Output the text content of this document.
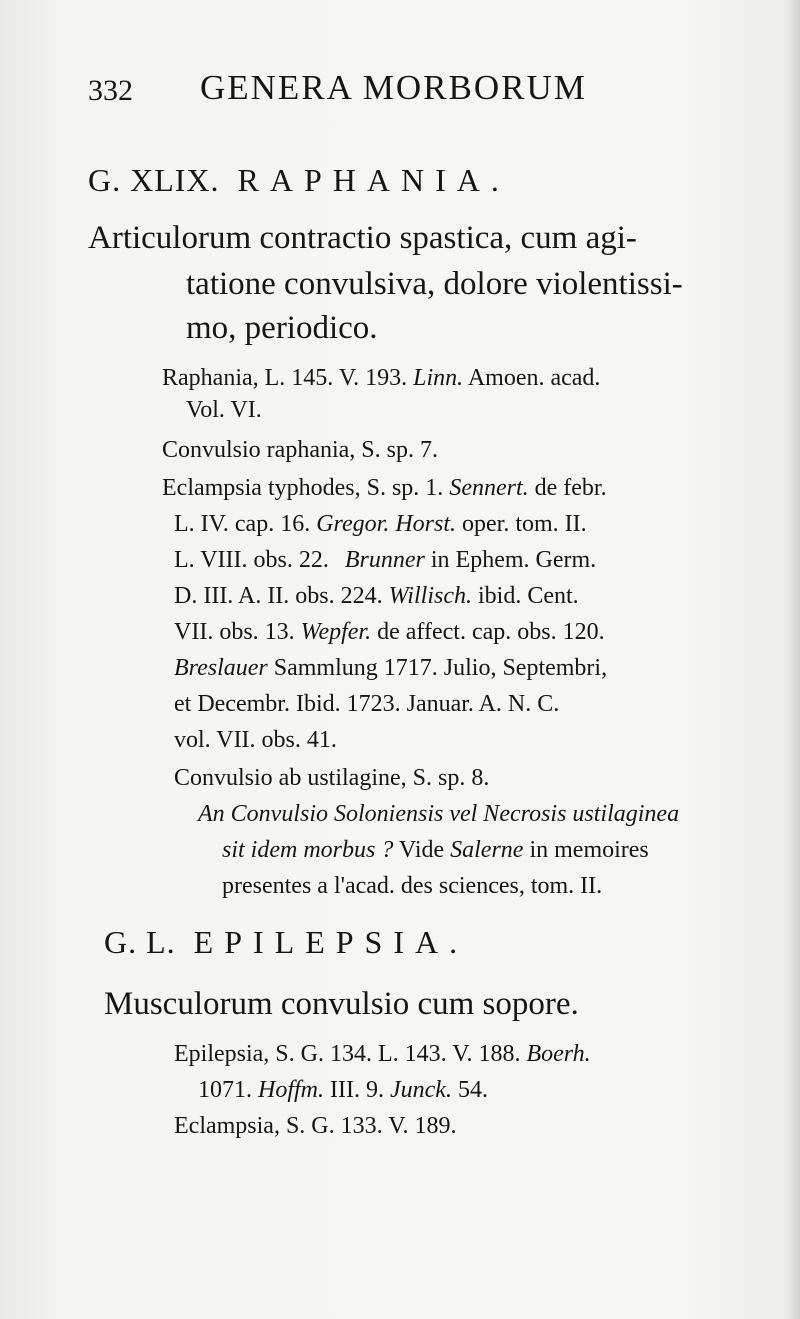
332 GENERA MORBORUM
G. XLIX. RAPHANIA.
Articulorum contractio spastica, cum agi-
tatione convulsiva, dolore violentissi-
mo, periodico.
Raphania, L. 145. V. 193. Linn. Amoen. acad.
Vol. VI.
Convulsio raphania, S. sp. 7.
Eclampsia typhodes, S. sp. 1. Sennert. de febr.
L. IV. cap. 16. Gregor. Horst. oper. tom. II.
L. VIII. obs. 22. Brunner in Ephem. Germ.
D. III. A. II. obs. 224. Willisch. ibid. Cent.
VII. obs. 13. Wepfer. de affect. cap. obs. 120.
Breslauer Sammlung 1717. Julio, Septembri,
et Decembr. Ibid. 1723. Januar. A. N. C.
vol. VII. obs. 41.
Convulsio ab ustilagine, S. sp. 8.
An Convulsio Soloniensis vel Necrosis ustilaginea
sit idem morbus ? Vide Salerne in memoires
presentes a l'acad. des sciences, tom. II.
G. L. EPILEPSIA.
Musculorum convulsio cum sopore.
Epilepsia, S. G. 134. L. 143. V. 188. Boerh.
1071. Hoffm. III. 9. Junck. 54.
Eclampsia, S. G. 133. V. 189.
